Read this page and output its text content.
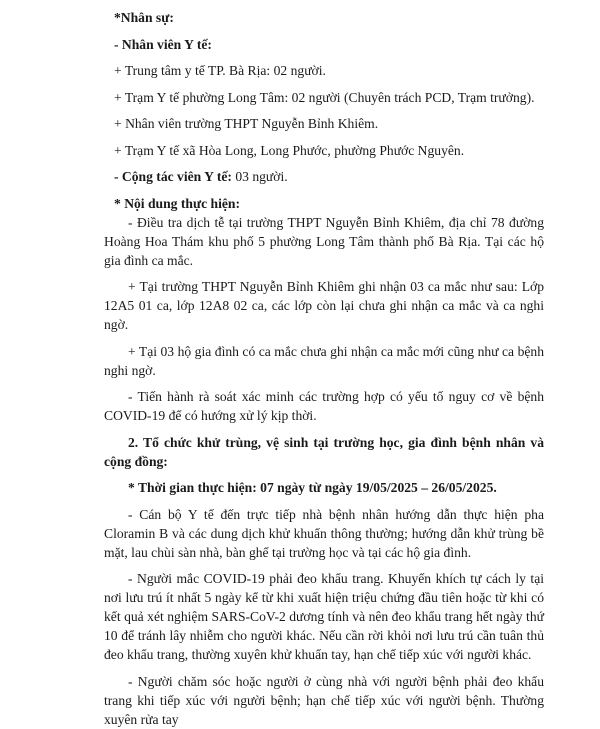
*Nhân sự:

- Nhân viên Y tế:

+ Trung tâm y tế TP. Bà Rịa: 02 người.

+ Trạm Y tế phường Long Tâm: 02 người (Chuyên trách PCD, Trạm trưởng).

+ Nhân viên trường THPT Nguyễn Bỉnh Khiêm.

+ Trạm Y tế xã Hòa Long, Long Phước, phường Phước Nguyên.

- Cộng tác viên Y tế: 03 người.

* Nội dung thực hiện:

- Điều tra dịch tễ tại trường THPT Nguyễn Bỉnh Khiêm, địa chỉ 78 đường Hoàng Hoa Thám khu phố 5 phường Long Tâm thành phố Bà Rịa. Tại các hộ gia đình ca mắc.

+ Tại trường THPT Nguyễn Bỉnh Khiêm ghi nhận 03 ca mắc như sau: Lớp 12A5 01 ca, lớp 12A8 02 ca, các lớp còn lại chưa ghi nhận ca mắc và ca nghi ngờ.

+ Tại 03 hộ gia đình có ca mắc chưa ghi nhận ca mắc mới cũng như ca bệnh nghi ngờ.

- Tiến hành rà soát xác minh các trường hợp có yếu tố nguy cơ về bệnh COVID-19 để có hướng xử lý kịp thời.

2. Tổ chức khử trùng, vệ sinh tại trường học, gia đình bệnh nhân và cộng đồng:

* Thời gian thực hiện: 07 ngày từ ngày 19/05/2025 – 26/05/2025.

- Cán bộ Y tế đến trực tiếp nhà bệnh nhân hướng dẫn thực hiện pha Cloramin B và các dung dịch khử khuẩn thông thường; hướng dẫn khử trùng bề mặt, lau chùi sàn nhà, bàn ghế tại trường học và tại các hộ gia đình.

- Người mắc COVID-19 phải đeo khẩu trang. Khuyến khích tự cách ly tại nơi lưu trú ít nhất 5 ngày kể từ khi xuất hiện triệu chứng đầu tiên hoặc từ khi có kết quả xét nghiệm SARS-CoV-2 dương tính và nên đeo khẩu trang hết ngày thứ 10 để tránh lây nhiễm cho người khác. Nếu cần rời khỏi nơi lưu trú cần tuân thủ đeo khẩu trang, thường xuyên khử khuẩn tay, hạn chế tiếp xúc với người khác.

- Người chăm sóc hoặc người ở cùng nhà với người bệnh phải đeo khẩu trang khi tiếp xúc với người bệnh; hạn chế tiếp xúc với người bệnh. Thường xuyên rửa tay
